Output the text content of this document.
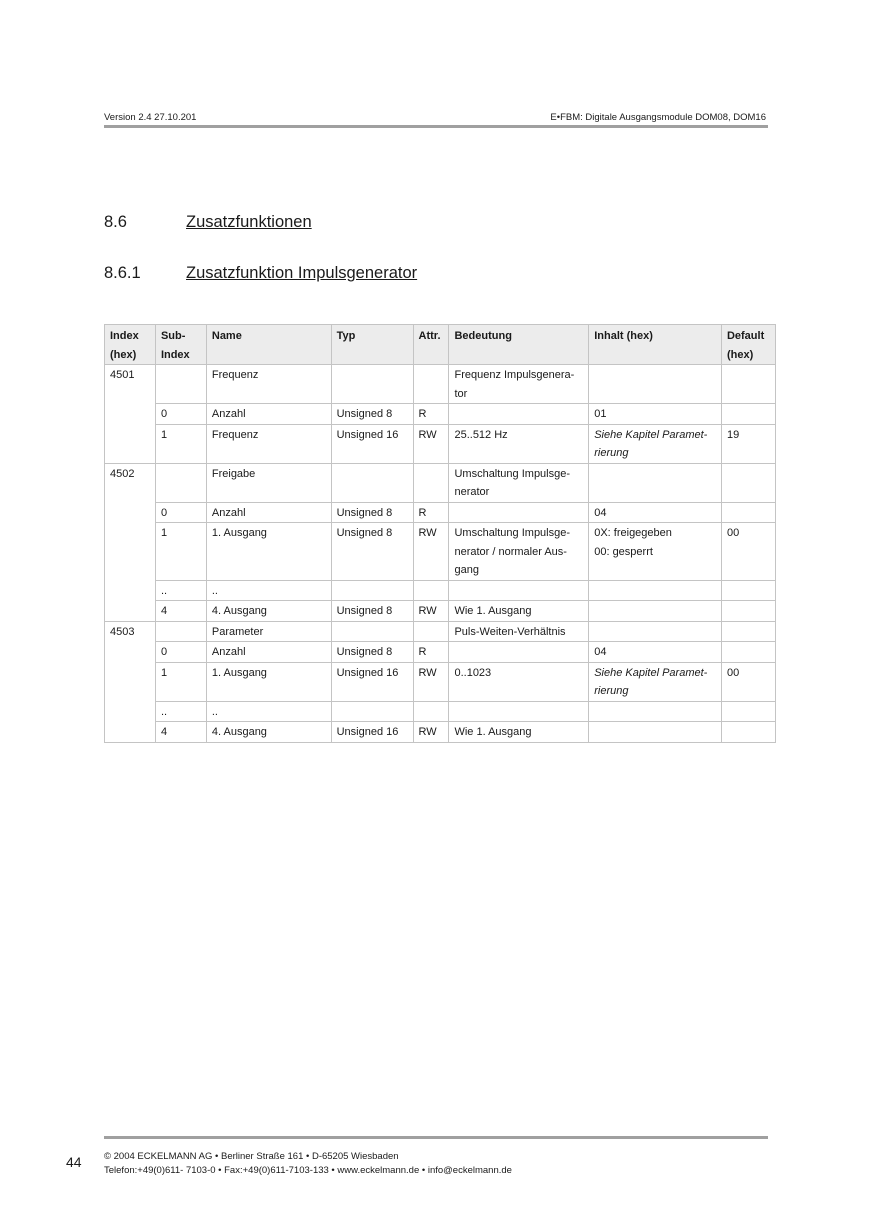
Version 2.4 27.10.201	E•FBM: Digitale Ausgangsmodule DOM08, DOM16
8.6	Zusatzfunktionen
8.6.1	Zusatzfunktion Impulsgenerator
Index
(hex)	Sub-
Index	Name	Typ	Attr.	Bedeutung	Inhalt (hex)	Default
(hex)
4501		Frequenz			Frequenz Impulsgenera-
tor		
	0	Anzahl	Unsigned 8	R		01	
	1	Frequenz	Unsigned 16	RW	25..512 Hz	Siehe Kapitel Paramet-
rierung	19
4502		Freigabe			Umschaltung Impulsge-
nerator		
	0	Anzahl	Unsigned 8	R		04	
	1	1. Ausgang	Unsigned 8	RW	Umschaltung Impulsge-
nerator / normaler Aus-
gang	0X: freigegeben
00: gesperrt	00
	..	..					
	4	4. Ausgang	Unsigned 8	RW	Wie 1. Ausgang		
4503		Parameter			Puls-Weiten-Verhältnis		
	0	Anzahl	Unsigned 8	R		04	
	1	1. Ausgang	Unsigned 16	RW	0..1023	Siehe Kapitel Paramet-
rierung	00
	..	..					
	4	4. Ausgang	Unsigned 16	RW	Wie 1. Ausgang		
44 © 2004 ECKELMANN AG • Berliner Straße 161 • D-65205 Wiesbaden
Telefon:+49(0)611- 7103-0 • Fax:+49(0)611-7103-133 • www.eckelmann.de • info@eckelmann.de
